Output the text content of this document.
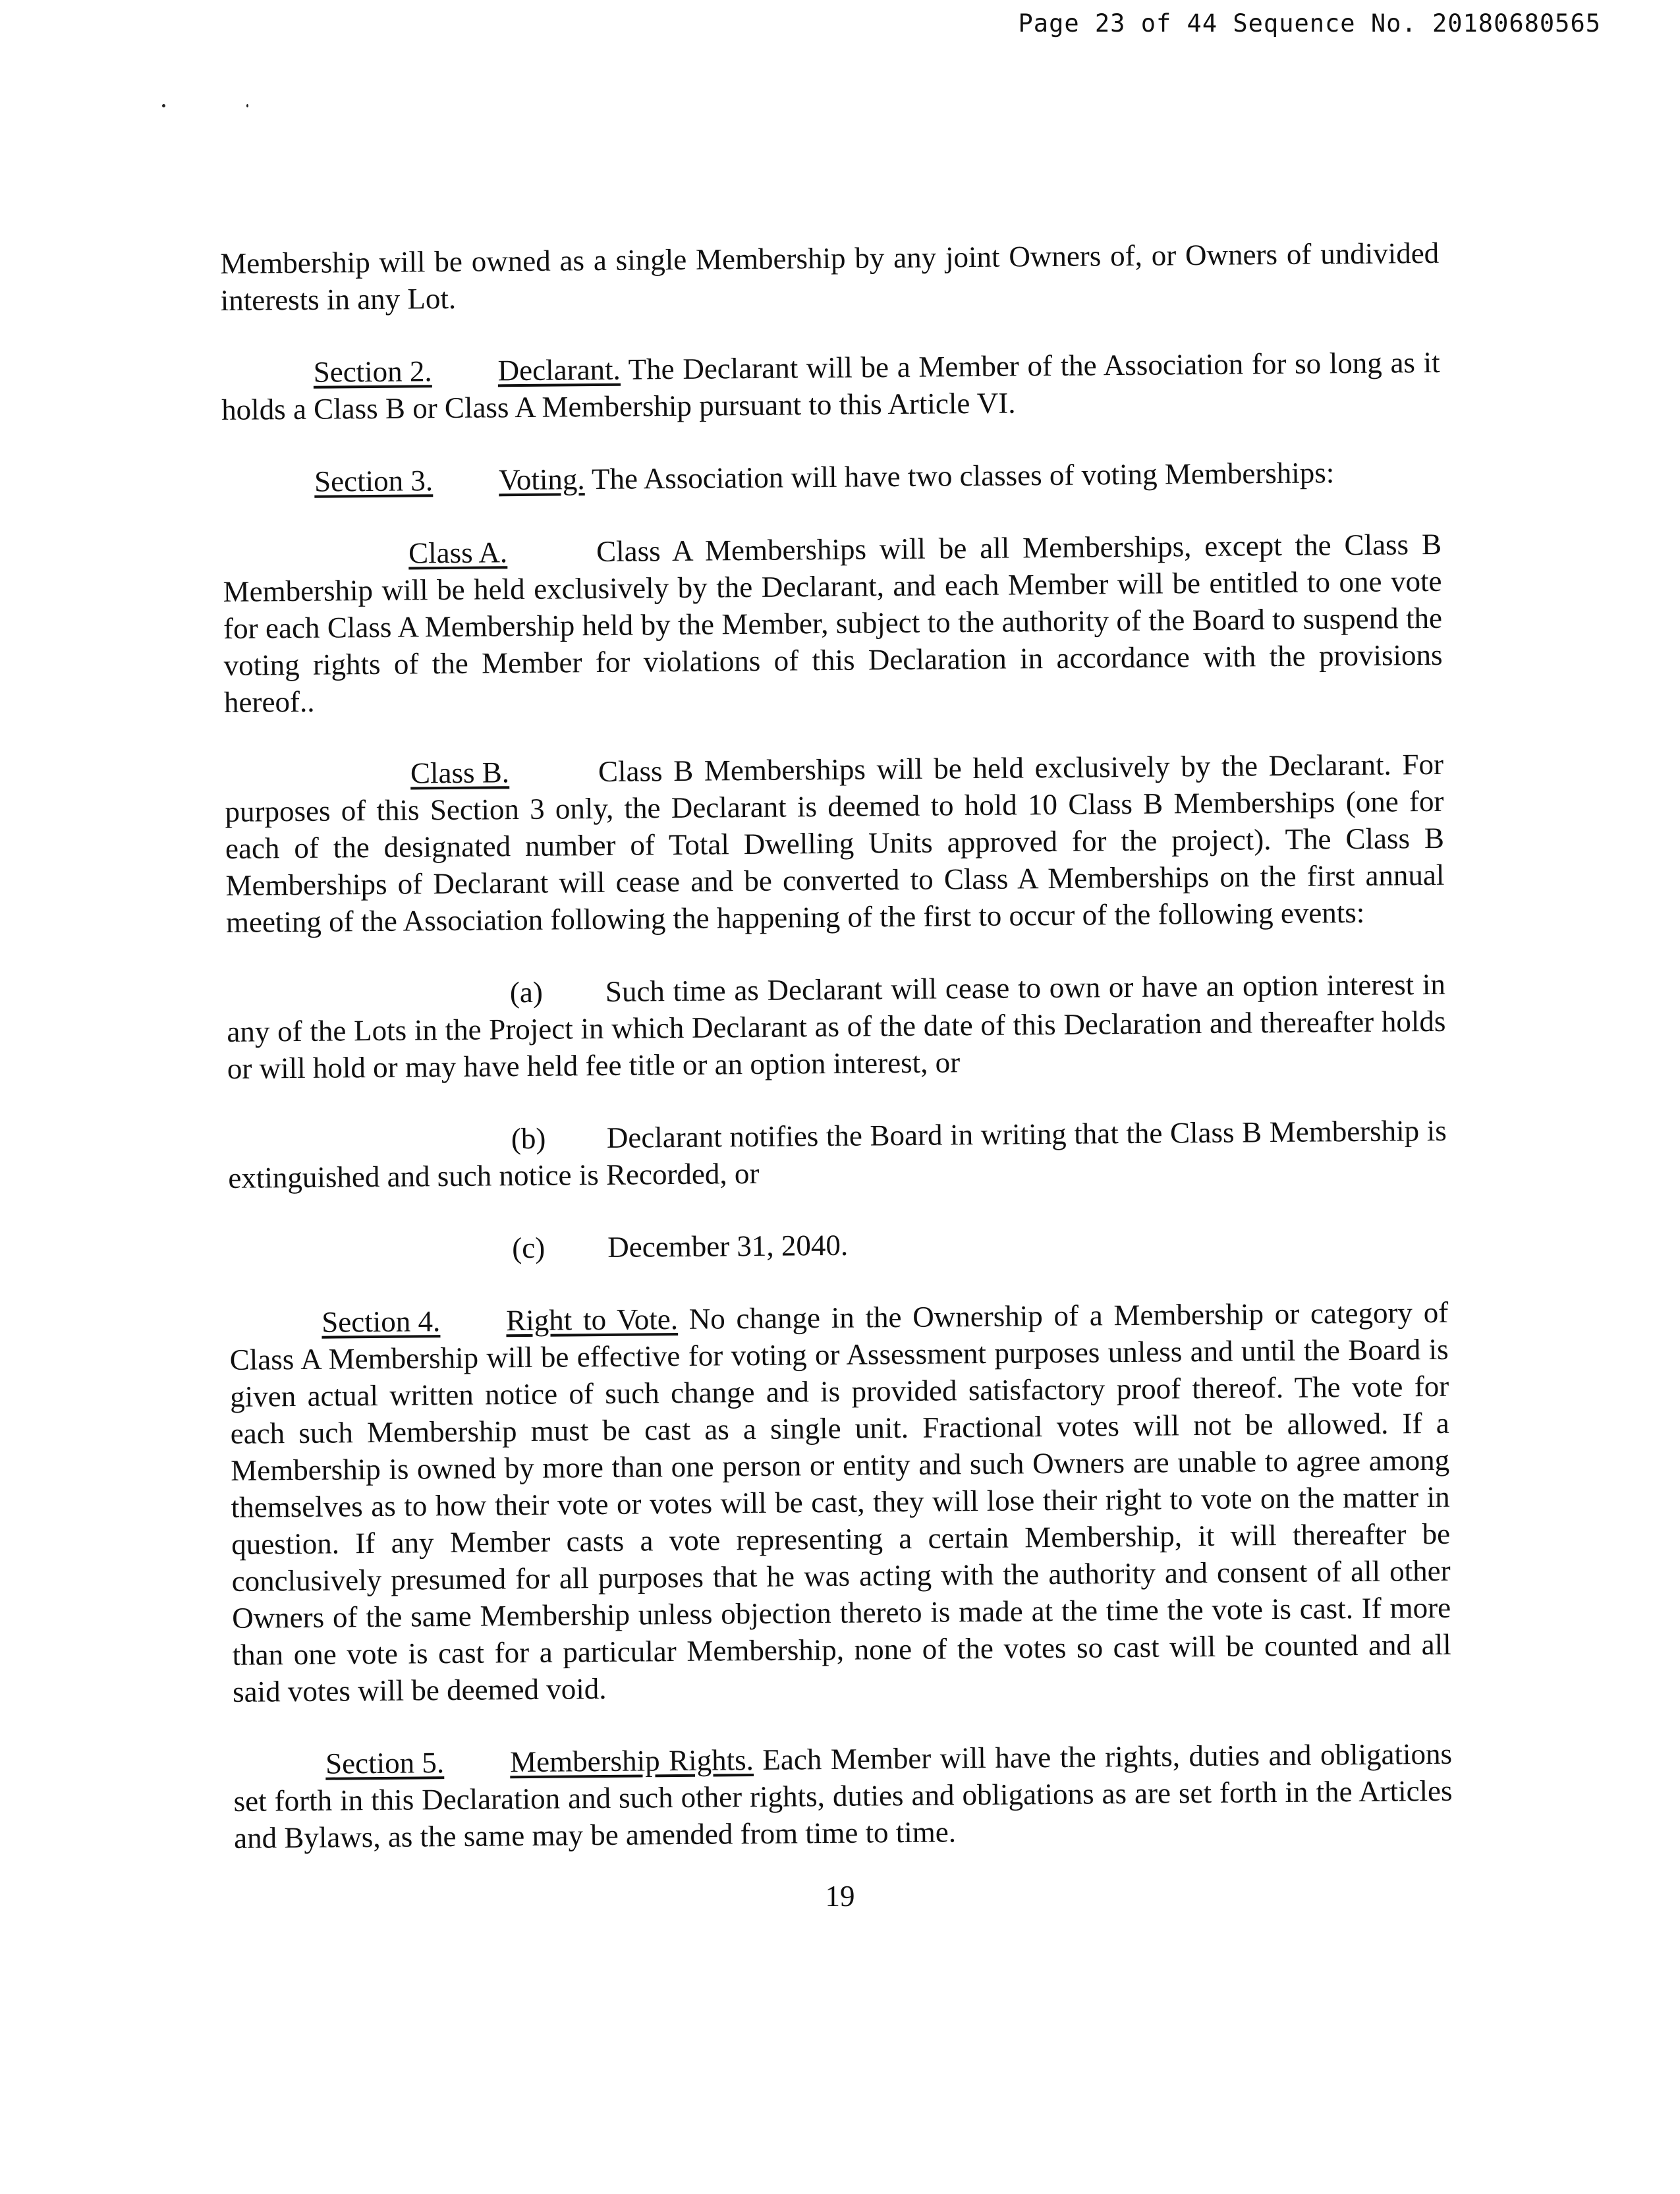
Page 23 of 44 Sequence No. 20180680565

Membership will be owned as a single Membership by any joint Owners of, or Owners of undivided interests in any Lot.

Section 2. Declarant. The Declarant will be a Member of the Association for so long as it holds a Class B or Class A Membership pursuant to this Article VI.

Section 3. Voting. The Association will have two classes of voting Memberships:

Class A.	Class A Memberships will be all Memberships, except the Class B Membership will be held exclusively by the Declarant, and each Member will be entitled to one vote for each Class A Membership held by the Member, subject to the authority of the Board to suspend the voting rights of the Member for violations of this Declaration in accordance with the provisions hereof..

Class B.	Class B Memberships will be held exclusively by the Declarant. For purposes of this Section 3 only, the Declarant is deemed to hold 10 Class B Memberships (one for each of the designated number of Total Dwelling Units approved for the project). The Class B Memberships of Declarant will cease and be converted to Class A Memberships on the first annual meeting of the Association following the happening of the first to occur of the following events:

(a) Such time as Declarant will cease to own or have an option interest in any of the Lots in the Project in which Declarant as of the date of this Declaration and thereafter holds or will hold or may have held fee title or an option interest, or

(b) Declarant notifies the Board in writing that the Class B Membership is extinguished and such notice is Recorded, or

(c) December 31, 2040.

Section 4. Right to Vote. No change in the Ownership of a Membership or category of Class A Membership will be effective for voting or Assessment purposes unless and until the Board is given actual written notice of such change and is provided satisfactory proof thereof. The vote for each such Membership must be cast as a single unit. Fractional votes will not be allowed. If a Membership is owned by more than one person or entity and such Owners are unable to agree among themselves as to how their vote or votes will be cast, they will lose their right to vote on the matter in question. If any Member casts a vote representing a certain Membership, it will thereafter be conclusively presumed for all purposes that he was acting with the authority and consent of all other Owners of the same Membership unless objection thereto is made at the time the vote is cast. If more than one vote is cast for a particular Membership, none of the votes so cast will be counted and all said votes will be deemed void.

Section 5. Membership Rights. Each Member will have the rights, duties and obligations set forth in this Declaration and such other rights, duties and obligations as are set forth in the Articles and Bylaws, as the same may be amended from time to time.

19
